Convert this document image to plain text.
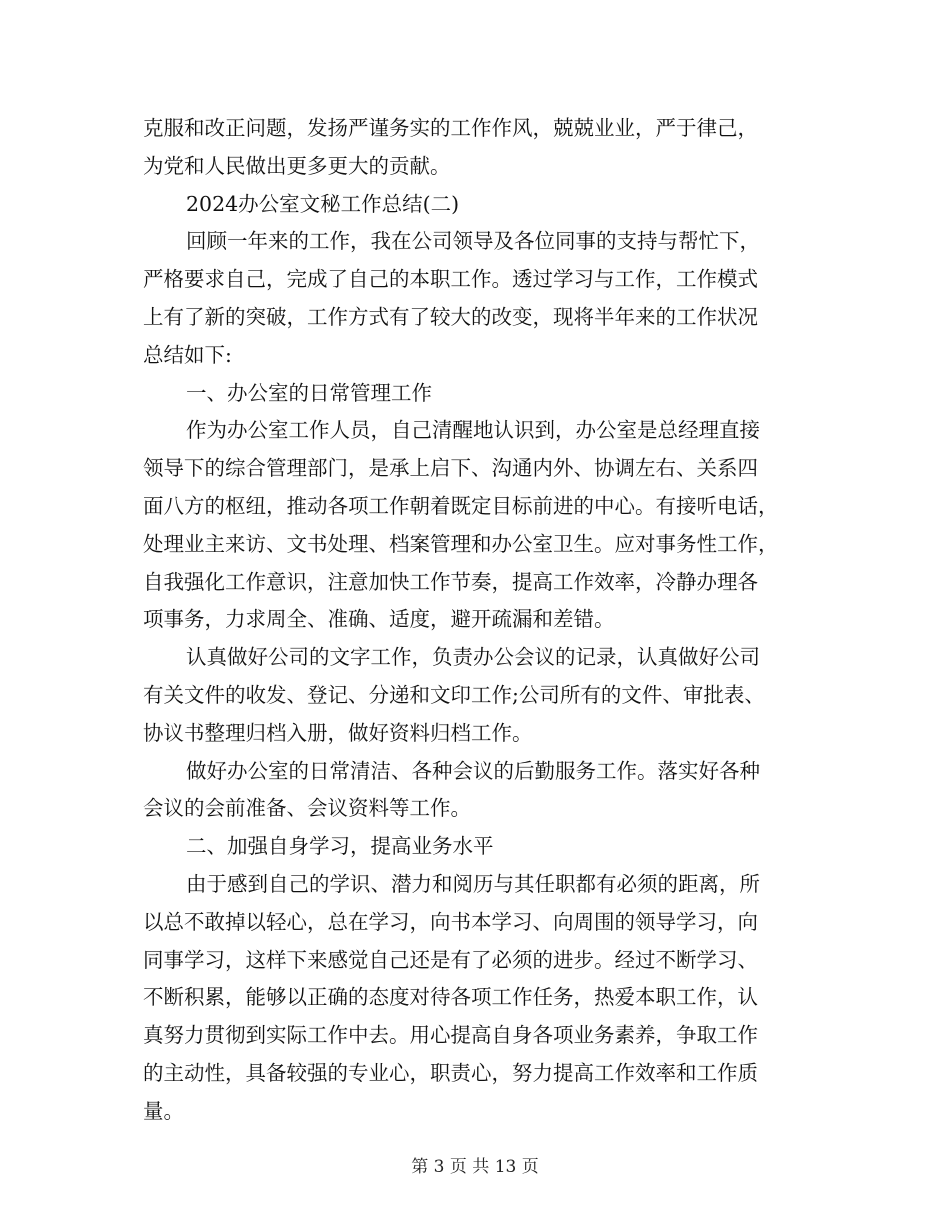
克服和改正问题，发扬严谨务实的工作作风，兢兢业业，严于律己，
为党和人民做出更多更大的贡献。
2024办公室文秘工作总结(二)
回顾一年来的工作，我在公司领导及各位同事的支持与帮忙下，
严格要求自己，完成了自己的本职工作。透过学习与工作，工作模式
上有了新的突破，工作方式有了较大的改变，现将半年来的工作状况
总结如下:
一、办公室的日常管理工作
作为办公室工作人员，自己清醒地认识到，办公室是总经理直接
领导下的综合管理部门，是承上启下、沟通内外、协调左右、关系四
面八方的枢纽，推动各项工作朝着既定目标前进的中心。有接听电话，
处理业主来访、文书处理、档案管理和办公室卫生。应对事务性工作，
自我强化工作意识，注意加快工作节奏，提高工作效率，冷静办理各
项事务，力求周全、准确、适度，避开疏漏和差错。
认真做好公司的文字工作，负责办公会议的记录，认真做好公司
有关文件的收发、登记、分递和文印工作;公司所有的文件、审批表、
协议书整理归档入册，做好资料归档工作。
做好办公室的日常清洁、各种会议的后勤服务工作。落实好各种
会议的会前准备、会议资料等工作。
二、加强自身学习，提高业务水平
由于感到自己的学识、潜力和阅历与其任职都有必须的距离，所
以总不敢掉以轻心，总在学习，向书本学习、向周围的领导学习，向
同事学习，这样下来感觉自己还是有了必须的进步。经过不断学习、
不断积累，能够以正确的态度对待各项工作任务，热爱本职工作，认
真努力贯彻到实际工作中去。用心提高自身各项业务素养，争取工作
的主动性，具备较强的专业心，职责心，努力提高工作效率和工作质
量。
第 3 页 共 13 页
